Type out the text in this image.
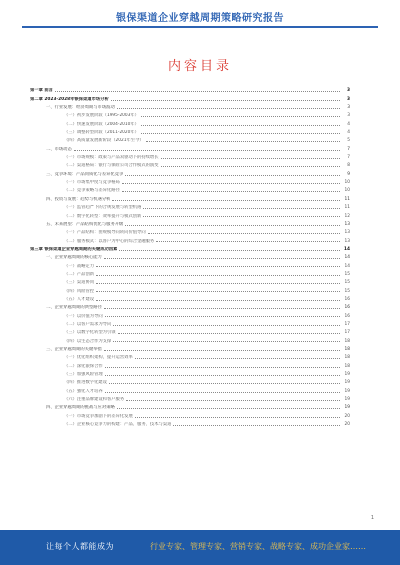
银保渠道企业穿越周期策略研究报告
内容目录
第一章 前言	3
第二章 2023-2028年银保渠道市场分析	3
一、行业发展：经济周期与市场波动	3
（一）初步发展阶段（1995-2003年）	3
（二）快速发展阶段（2004-2010年）	4
（三）调整转型阶段（2011-2020年）	4
（四）高质量发展新阶段（2021年至今）	5
二、市场动态	7
（一）市场规模：政策与产品双驱动下的持续增长	7
（二）渠道格局：银行与保险公司合作模式的演变	8
三、竞争环境：产品同质化与差异化竞争	9
（一）市场集中度与竞争格局	10
（二）竞争策略与差异化路径	10
四、投资与发展：趋势与机遇分析	11
（一）监管趋严下的合规发展与转型机遇	11
（二）数字化转型：效率提升与模式创新	12
五、未来展望：产品结构优化与服务升级	13
（一）产品结构：由规模导向转向价值导向	13
（二）服务模式：以客户为中心的综合金融服务	13
第三章 银保渠道企业穿越周期的关键成功因素	14
一、企业穿越周期的核心能力	14
（一）战略定力	14
（二）产品创新	15
（三）渠道协同	15
（四）风险管控	15
（五）人才建设	16
二、企业穿越周期的典型路径	16
（一）以价值为导向	16
（二）以客户需求为导向	17
（三）以数字化转型为引领	17
（四）以生态合作为支撑	18
三、企业穿越周期的关键举措	18
（一）优化组织架构，提升运营效率	18
（二）深化银保合作	18
（三）加强风险管理	19
（四）推进数字化建设	19
（五）强化人才培养	19
（六）注重品牌建设和客户服务	19
四、企业穿越周期的挑战与应对策略	19
（一）市场竞争加剧下的差异化发展	20
（二）企业核心竞争力的构建：产品、服务、技术与渠道	20
1
让每个人都能成为	行业专家、管理专家、营销专家、战略专家、成功企业家……
